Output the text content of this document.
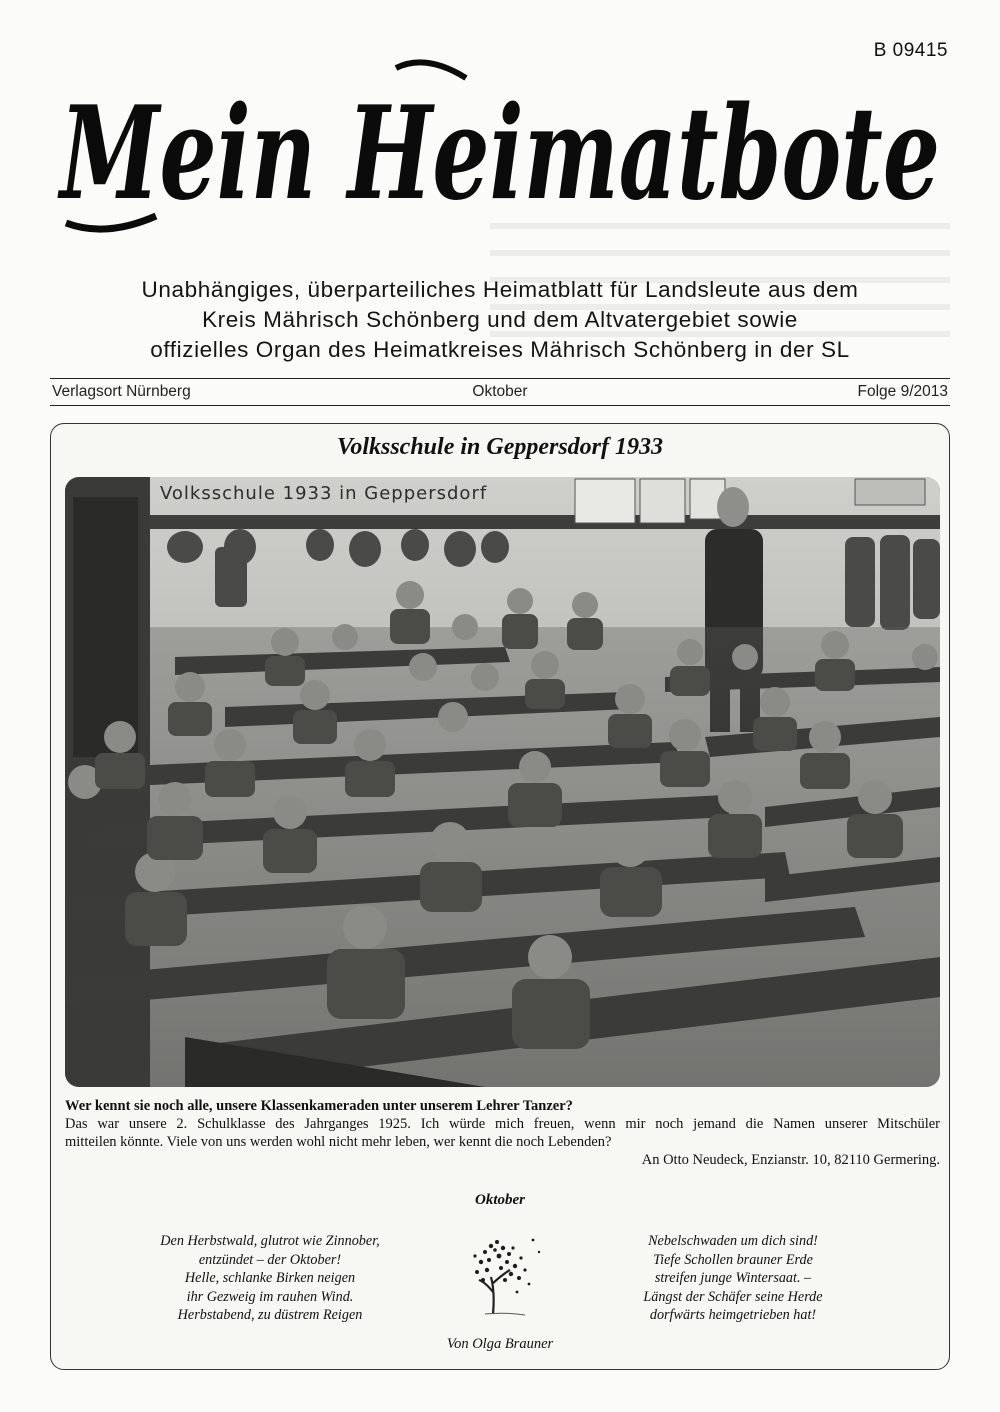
B 09415
Mein Heimatbote
Unabhängiges, überparteiliches Heimatblatt für Landsleute aus dem
Kreis Mährisch Schönberg und dem Altvatergebiet sowie
offizielles Organ des Heimatkreises Mährisch Schönberg in der SL
Verlagsort Nürnberg	Oktober	Folge 9/2013
Volksschule in Geppersdorf 1933
Volksschule 1933 in Geppersdorf
Wer kennt sie noch alle, unsere Klassenkameraden unter unserem Lehrer Tanzer?
Das war unsere 2. Schulklasse des Jahrganges 1925. Ich würde mich freuen, wenn mir noch jemand die Namen unserer Mitschüler
mitteilen könnte. Viele von uns werden wohl nicht mehr leben, wer kennt die noch Lebenden?
An Otto Neudeck, Enzianstr. 10, 82110 Germering.
Oktober
Den Herbstwald, glutrot wie Zinnober,
entzündet – der Oktober!
Helle, schlanke Birken neigen
ihr Gezweig im rauhen Wind.
Herbstabend, zu düstrem Reigen
Nebelschwaden um dich sind!
Tiefe Schollen brauner Erde
streifen junge Wintersaat. –
Längst der Schäfer seine Herde
dorfwärts heimgetrieben hat!
Von Olga Brauner
